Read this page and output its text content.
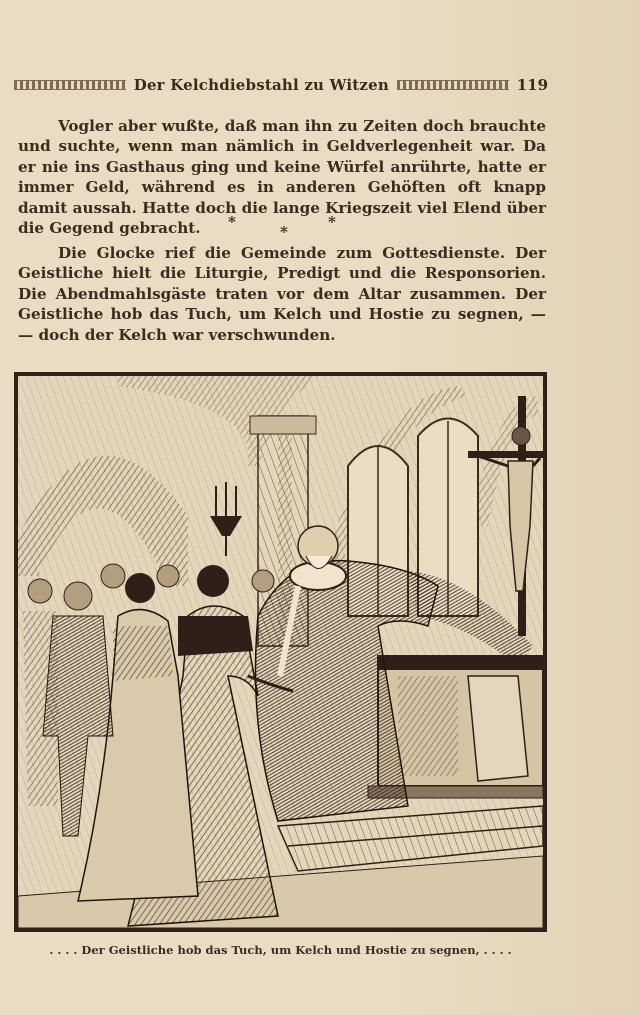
Der Kelchdiebstahl zu Witzen	119
Vogler aber wußte, daß man ihn zu Zeiten doch brauchte und suchte, wenn man nämlich in Geldverlegenheit war. Da er nie ins Gasthaus ging und keine Würfel anrührte, hatte er immer Geld, während es in anderen Gehöften oft knapp damit aussah. Hatte doch die lange Kriegszeit viel Elend über die Gegend gebracht.	*
*
*
Die Glocke rief die Gemeinde zum Gottesdienste. Der Geistliche hielt die Liturgie, Predigt und die Responsorien. Die Abendmahlsgäste traten vor dem Altar zusammen. Der Geistliche hob das Tuch, um Kelch und Hostie zu segnen, — — doch der Kelch war verschwunden.
. . . . Der Geistliche hob das Tuch, um Kelch und Hostie zu segnen, . . . .
